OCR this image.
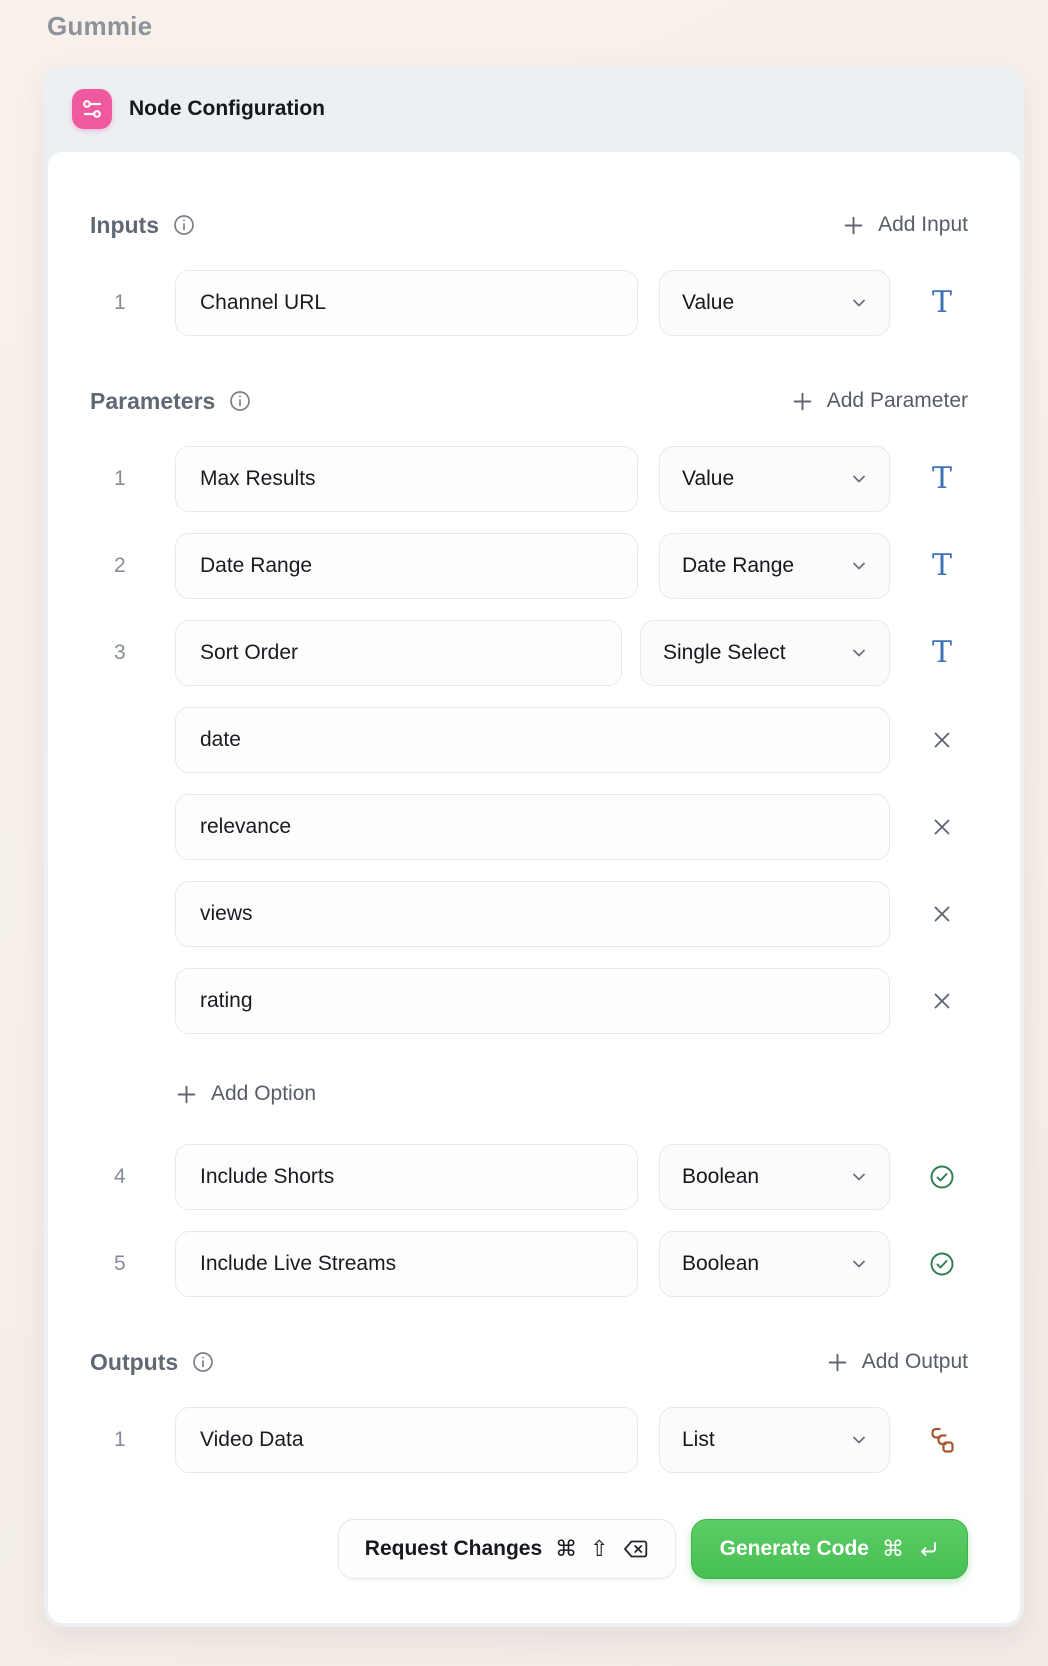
Gummie
Node Configuration
Inputs	Add Input
1
Channel URL	Value	T
Parameters	Add Parameter
1
Max Results	Value	T
2
Date Range	Date Range	T
3
Sort Order	Single Select	T
date
relevance
views
rating
Add Option
4
Include Shorts	Boolean
5
Include Live Streams	Boolean
Outputs	Add Output
1
Video Data	List
Request Changes ⌘ ⇧	Generate Code ⌘
